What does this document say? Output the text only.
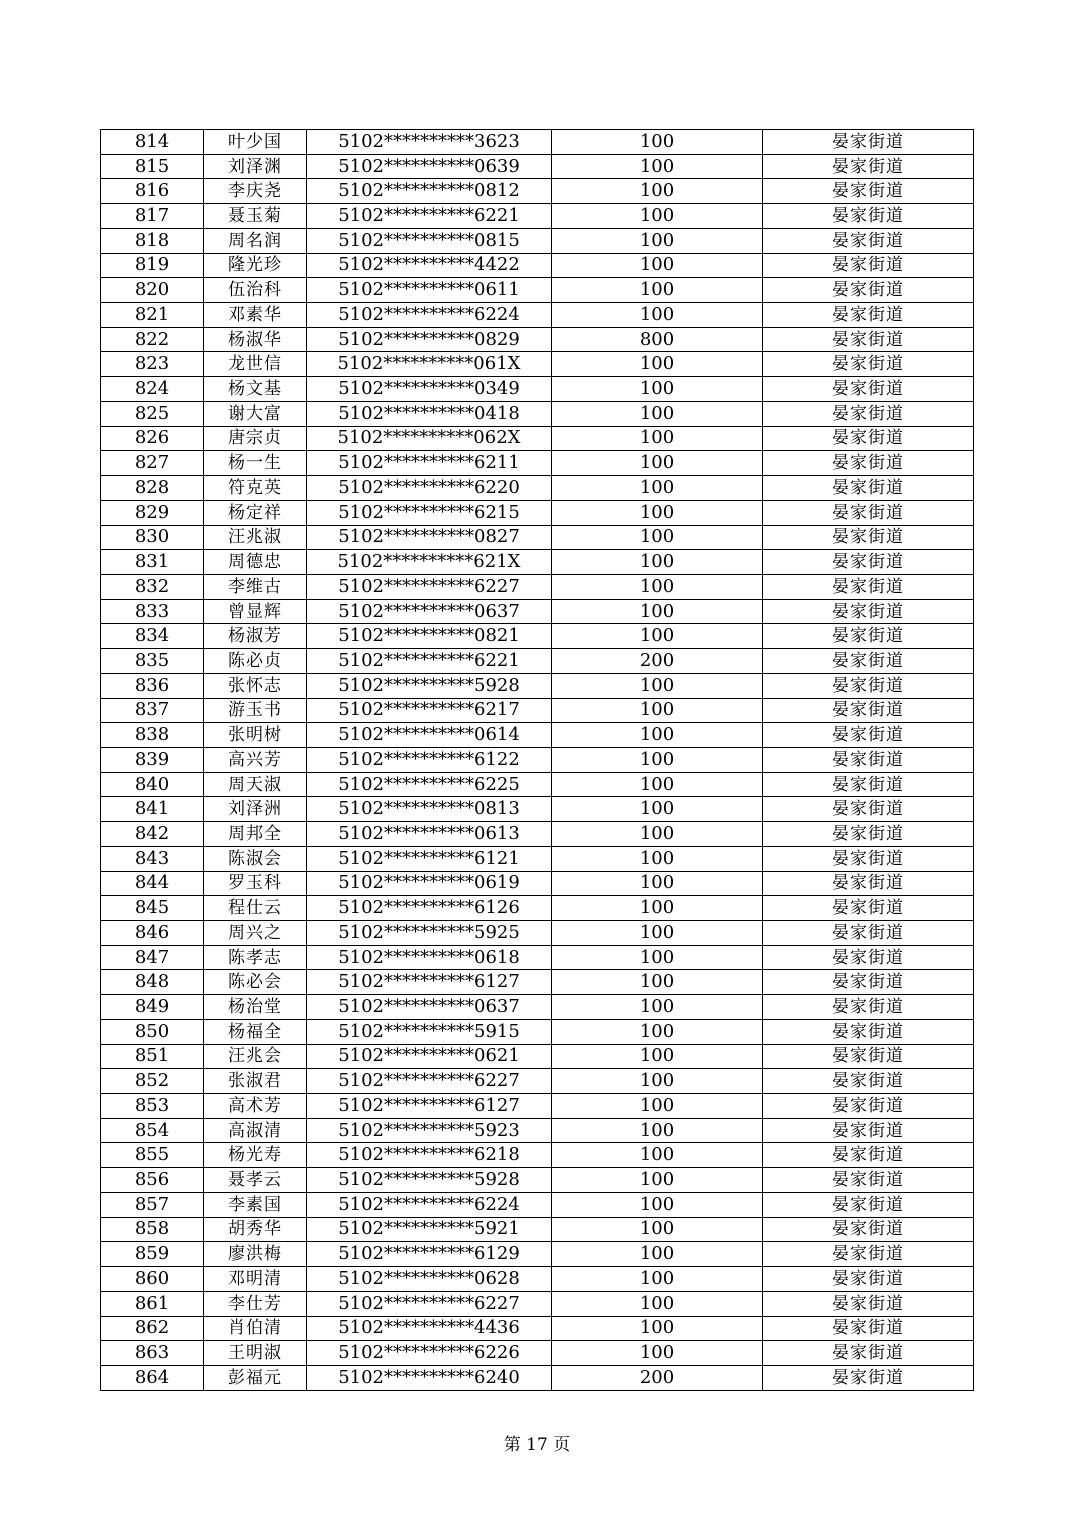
814	叶少国	5102**********3623	100	晏家街道
815	刘泽渊	5102**********0639	100	晏家街道
816	李庆尧	5102**********0812	100	晏家街道
817	聂玉菊	5102**********6221	100	晏家街道
818	周名润	5102**********0815	100	晏家街道
819	隆光珍	5102**********4422	100	晏家街道
820	伍治科	5102**********0611	100	晏家街道
821	邓素华	5102**********6224	100	晏家街道
822	杨淑华	5102**********0829	800	晏家街道
823	龙世信	5102**********061X	100	晏家街道
824	杨文基	5102**********0349	100	晏家街道
825	谢大富	5102**********0418	100	晏家街道
826	唐宗贞	5102**********062X	100	晏家街道
827	杨一生	5102**********6211	100	晏家街道
828	符克英	5102**********6220	100	晏家街道
829	杨定祥	5102**********6215	100	晏家街道
830	汪兆淑	5102**********0827	100	晏家街道
831	周德忠	5102**********621X	100	晏家街道
832	李维古	5102**********6227	100	晏家街道
833	曾显辉	5102**********0637	100	晏家街道
834	杨淑芳	5102**********0821	100	晏家街道
835	陈必贞	5102**********6221	200	晏家街道
836	张怀志	5102**********5928	100	晏家街道
837	游玉书	5102**********6217	100	晏家街道
838	张明树	5102**********0614	100	晏家街道
839	高兴芳	5102**********6122	100	晏家街道
840	周天淑	5102**********6225	100	晏家街道
841	刘泽洲	5102**********0813	100	晏家街道
842	周邦全	5102**********0613	100	晏家街道
843	陈淑会	5102**********6121	100	晏家街道
844	罗玉科	5102**********0619	100	晏家街道
845	程仕云	5102**********6126	100	晏家街道
846	周兴之	5102**********5925	100	晏家街道
847	陈孝志	5102**********0618	100	晏家街道
848	陈必会	5102**********6127	100	晏家街道
849	杨治堂	5102**********0637	100	晏家街道
850	杨福全	5102**********5915	100	晏家街道
851	汪兆会	5102**********0621	100	晏家街道
852	张淑君	5102**********6227	100	晏家街道
853	高术芳	5102**********6127	100	晏家街道
854	高淑清	5102**********5923	100	晏家街道
855	杨光寿	5102**********6218	100	晏家街道
856	聂孝云	5102**********5928	100	晏家街道
857	李素国	5102**********6224	100	晏家街道
858	胡秀华	5102**********5921	100	晏家街道
859	廖洪梅	5102**********6129	100	晏家街道
860	邓明清	5102**********0628	100	晏家街道
861	李仕芳	5102**********6227	100	晏家街道
862	肖伯清	5102**********4436	100	晏家街道
863	王明淑	5102**********6226	100	晏家街道
864	彭福元	5102**********6240	200	晏家街道
第 17 页
